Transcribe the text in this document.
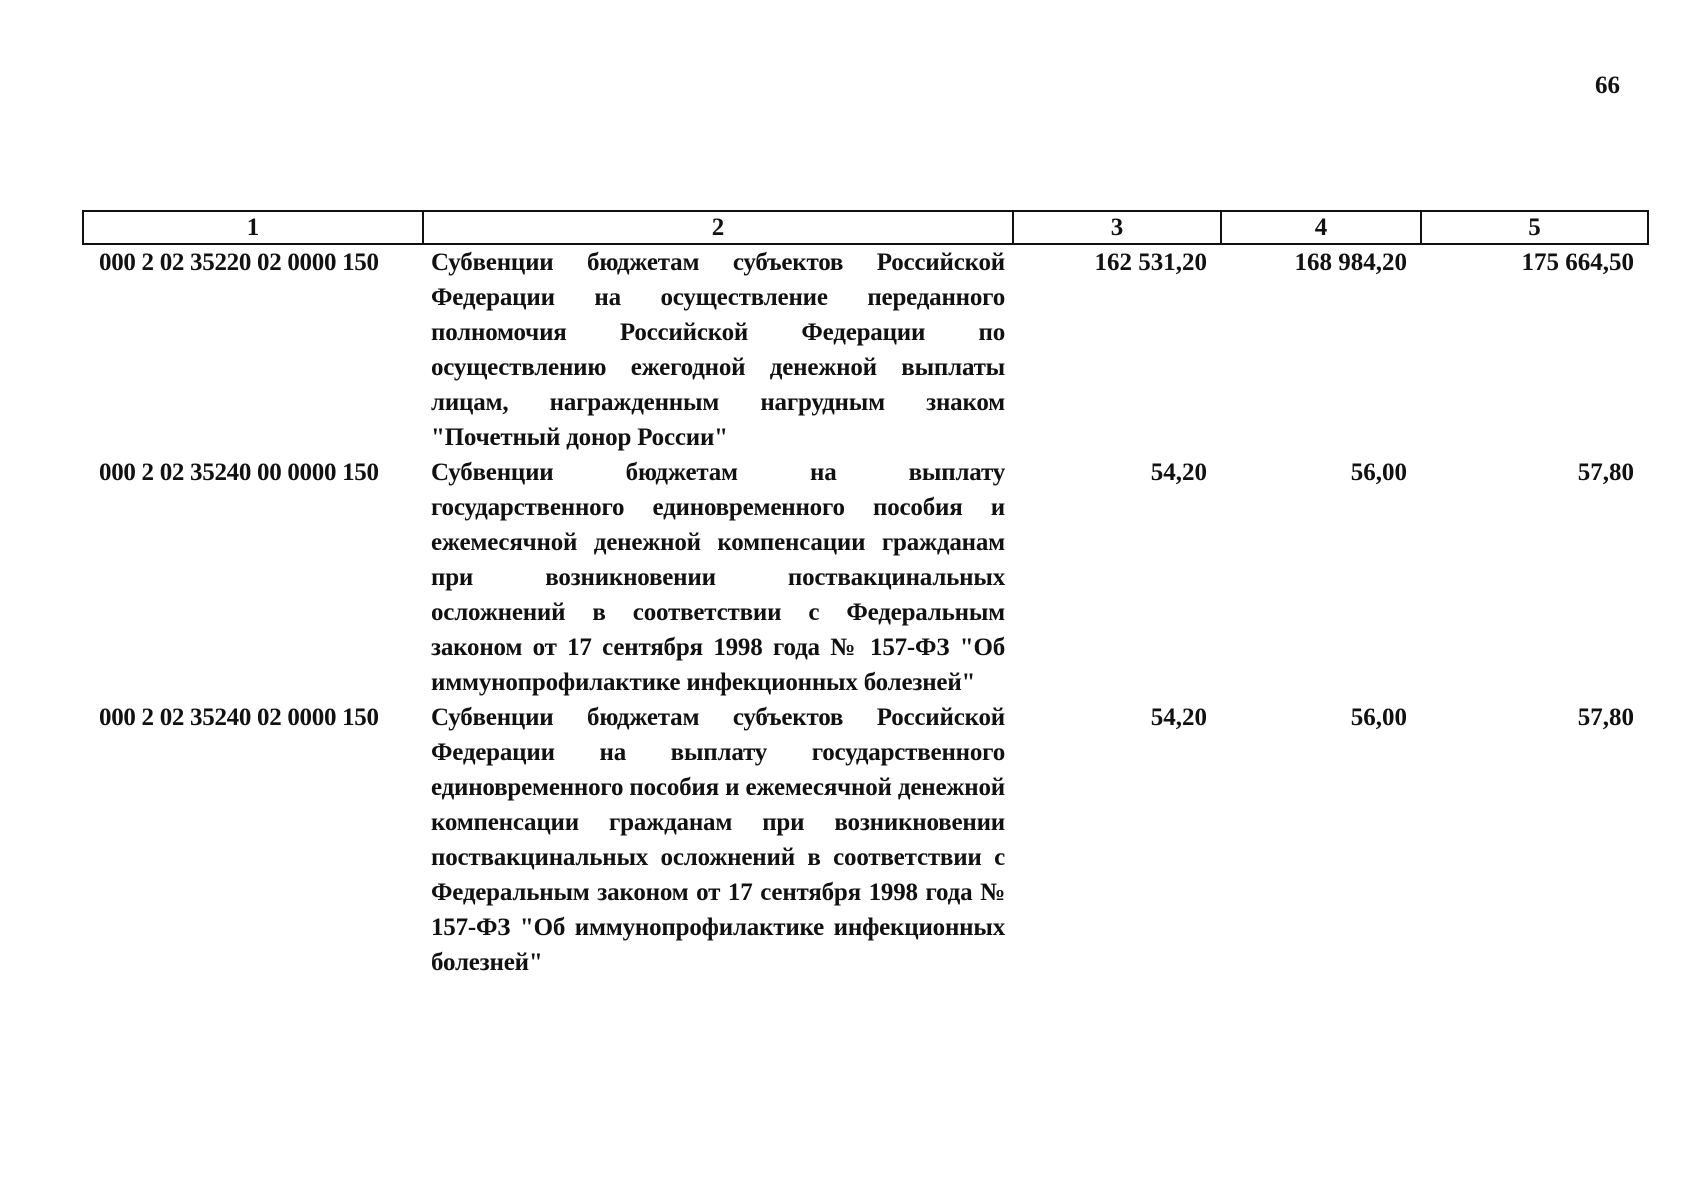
66
1	2	3	4	5
000 2 02 35220 02 0000 150	Субвенции бюджетам субъектов Российской Федерации на осуществление переданного полномочия Российской Федерации по осуществлению ежегодной денежной выплаты лицам, награжденным нагрудным знаком "Почетный донор России"	162 531,20	168 984,20	175 664,50
000 2 02 35240 00 0000 150	Субвенции бюджетам на выплату государственного единовременного пособия и ежемесячной денежной компенсации гражданам при возникновении поствакцинальных осложнений в соответствии с Федеральным законом от 17 сентября 1998 года № 157-ФЗ "Об иммунопрофилактике инфекционных болезней"	54,20	56,00	57,80
000 2 02 35240 02 0000 150	Субвенции бюджетам субъектов Российской Федерации на выплату государственного единовременного пособия и ежемесячной денежной компенсации гражданам при возникновении поствакцинальных осложнений в соответствии с Федеральным законом от 17 сентября 1998 года № 157-ФЗ "Об иммунопрофилактике инфекционных болезней"	54,20	56,00	57,80
